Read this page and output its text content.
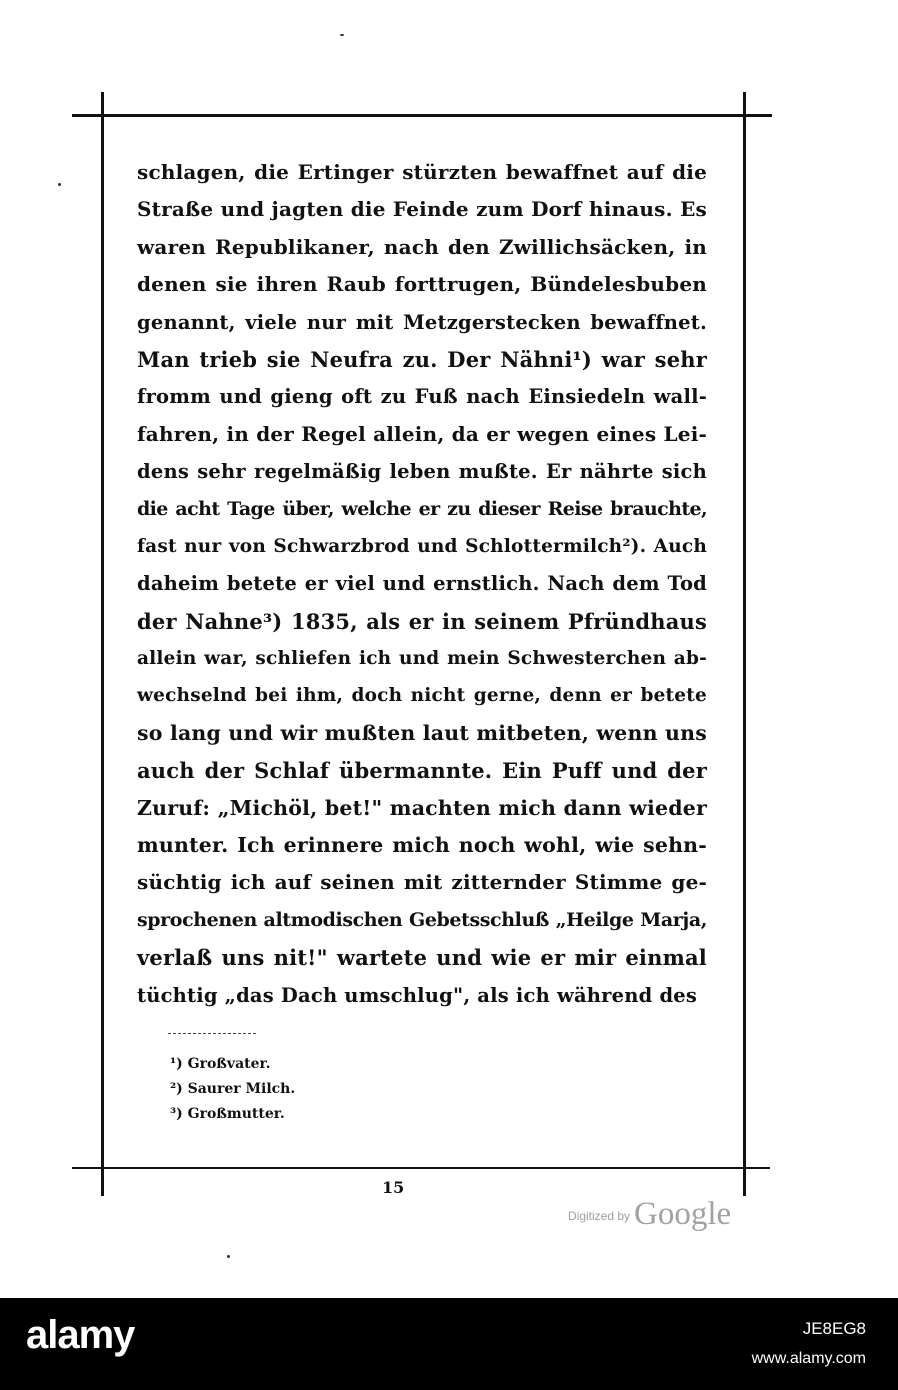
schlagen, die Ertinger stürzten bewaffnet auf die
Straße und jagten die Feinde zum Dorf hinaus. Es
waren Republikaner, nach den Zwillichsäcken, in
denen sie ihren Raub forttrugen, Bündelesbuben
genannt, viele nur mit Metzgerstecken bewaffnet.
Man trieb sie Neufra zu. Der Nähni¹) war sehr
fromm und gieng oft zu Fuß nach Einsiedeln wall-
fahren, in der Regel allein, da er wegen eines Lei-
dens sehr regelmäßig leben mußte. Er nährte sich
die acht Tage über, welche er zu dieser Reise brauchte,
fast nur von Schwarzbrod und Schlottermilch²). Auch
daheim betete er viel und ernstlich. Nach dem Tod
der Nahne³) 1835, als er in seinem Pfründhaus
allein war, schliefen ich und mein Schwesterchen ab-
wechselnd bei ihm, doch nicht gerne, denn er betete
so lang und wir mußten laut mitbeten, wenn uns
auch der Schlaf übermannte. Ein Puff und der
Zuruf: „Michöl, bet!" machten mich dann wieder
munter. Ich erinnere mich noch wohl, wie sehn-
süchtig ich auf seinen mit zitternder Stimme ge-
sprochenen altmodischen Gebetsschluß „Heilge Marja,
verlaß uns nit!" wartete und wie er mir einmal
tüchtig „das Dach umschlug", als ich während des
¹) Großvater.
²) Saurer Milch.
³) Großmutter.
15
$^{Digitized by}$ Google
alamy	JE8EG8
www.alamy.com
